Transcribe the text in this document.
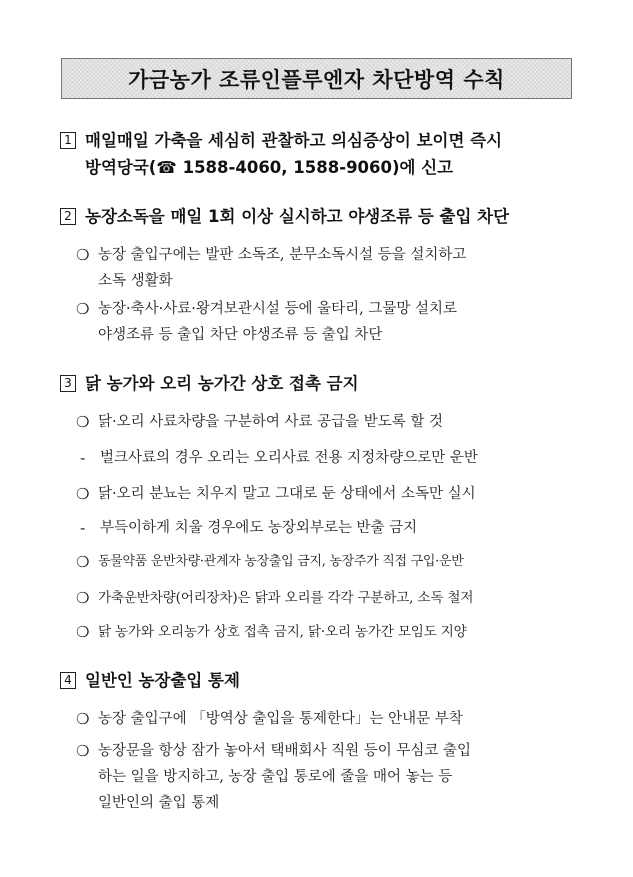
가금농가 조류인플루엔자 차단방역 수칙
1 매일매일 가축을 세심히 관찰하고 의심증상이 보이면 즉시
방역당국(☎ 1588-4060, 1588-9060)에 신고
2 농장소독을 매일 1회 이상 실시하고 야생조류 등 출입 차단
❍ 농장 출입구에는 발판 소독조, 분무소독시설 등을 설치하고
소독 생활화
❍ 농장·축사·사료·왕겨보관시설 등에 울타리, 그물망 설치로
야생조류 등 출입 차단 야생조류 등 출입 차단
3 닭 농가와 오리 농가간 상호 접촉 금지
❍ 닭·오리 사료차량을 구분하여 사료 공급을 받도록 할 것
-	벌크사료의 경우 오리는 오리사료 전용 지정차량으로만 운반
❍ 닭·오리 분뇨는 치우지 말고 그대로 둔 상태에서 소독만 실시
-	부득이하게 치울 경우에도 농장외부로는 반출 금지
❍ 동물약품 운반차량·관계자 농장출입 금지, 농장주가 직접 구입·운반
❍ 가축운반차량(어리장차)은 닭과 오리를 각각 구분하고, 소독 철저
❍ 닭 농가와 오리농가 상호 접촉 금지, 닭·오리 농가간 모임도 지양
4 일반인 농장출입 통제
❍ 농장 출입구에 「방역상 출입을 통제한다」는 안내문 부착
❍ 농장문을 항상 잠가 놓아서 택배회사 직원 등이 무심코 출입
하는 일을 방지하고, 농장 출입 통로에 줄을 매어 놓는 등
일반인의 출입 통제
